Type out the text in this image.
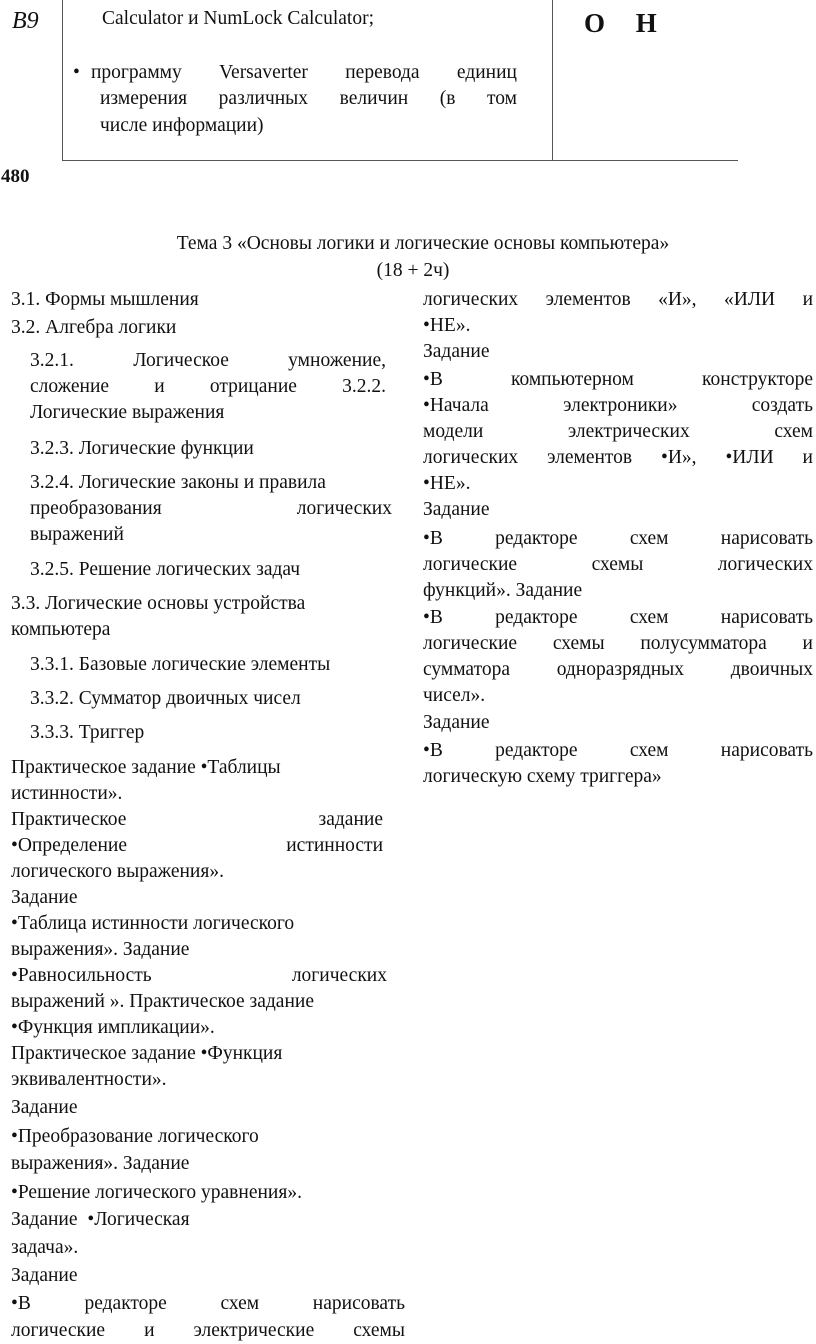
B9	Calculator и NumLock Calculator;
• программу Versaverter перевода единиц
измерения различных величин (в том
числе информации)
О Н
480
Тема 3 «Основы логики и логические основы компьютера»
(18 + 2ч)
3.1. Формы мышления
3.2. Алгебра логики
3.2.1. Логическое умножение,
сложение и отрицание 3.2.2.
Логические выражения
3.2.3. Логические функции
3.2.4. Логические законы и правила
преобразования логических
выражений
3.2.5. Решение логических задач
3.3. Логические основы устройства
компьютера
3.3.1. Базовые логические элементы
3.3.2. Сумматор двоичных чисел
3.3.3. Триггер
Практическое задание •Таблицы
истинности».
Практическое задание
•Определение истинности
логического выражения».
Задание
•Таблица истинности логического
выражения». Задание
•Равносильность логических
выражений ». Практическое задание
•Функция импликации».
Практическое задание •Функция
эквивалентности».
Задание
•Преобразование логического
выражения». Задание
•Решение логического уравнения».
Задание •Логическая
задача».
Задание
•В редакторе схем нарисовать
логические и электрические схемы
логических элементов «И», «ИЛИ и
•НЕ».
Задание
•В компьютерном конструкторе
•Начала электроники» создать
модели электрических схем
логических элементов •И», •ИЛИ и
•НЕ».
Задание
•В редакторе схем нарисовать
логические схемы логических
функций». Задание
•В редакторе схем нарисовать
логические схемы полусумматора и
сумматора одноразрядных двоичных
чисел».
Задание
•В редакторе схем нарисовать
логическую схему триггера»
